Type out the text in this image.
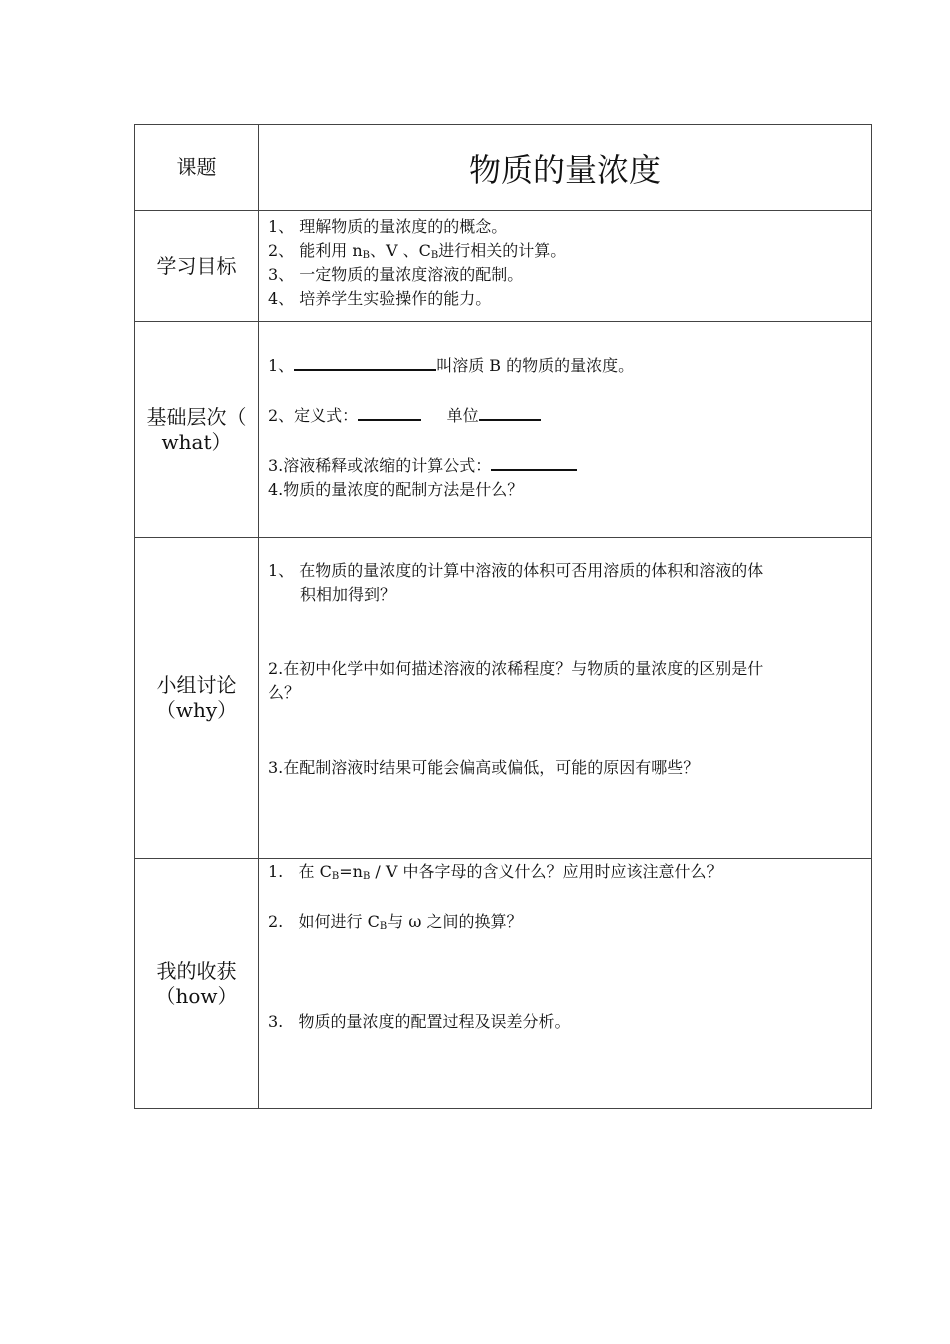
课题	物质的量浓度
学习目标	1、 理解物质的量浓度的的概念。
2、 能利用 $n_B$、V 、$C_B$进行相关的计算。
3、 一定物质的量浓度溶液的配制。
4、 培养学生实验操作的能力。

基础层次（
what）	1、 叫溶质 B 的物质的量浓度。
2、定义式： 单位
3.溶液稀释或浓缩的计算公式：
4.物质的量浓度的配制方法是什么？

小组讨论
（why）	1、 在物质的量浓度的计算中溶液的体积可否用溶质的体积和溶液的体
积相加得到？
2.在初中化学中如何描述溶液的浓稀程度？与物质的量浓度的区别是什
么？
3.在配制溶液时结果可能会偏高或偏低，可能的原因有哪些？

我的收获
（how）	1. 在 $C_B=n_B / V$ 中各字母的含义什么？应用时应该注意什么？
2. 如何进行 $C_B$与 ω 之间的换算？
3. 物质的量浓度的配置过程及误差分析。
